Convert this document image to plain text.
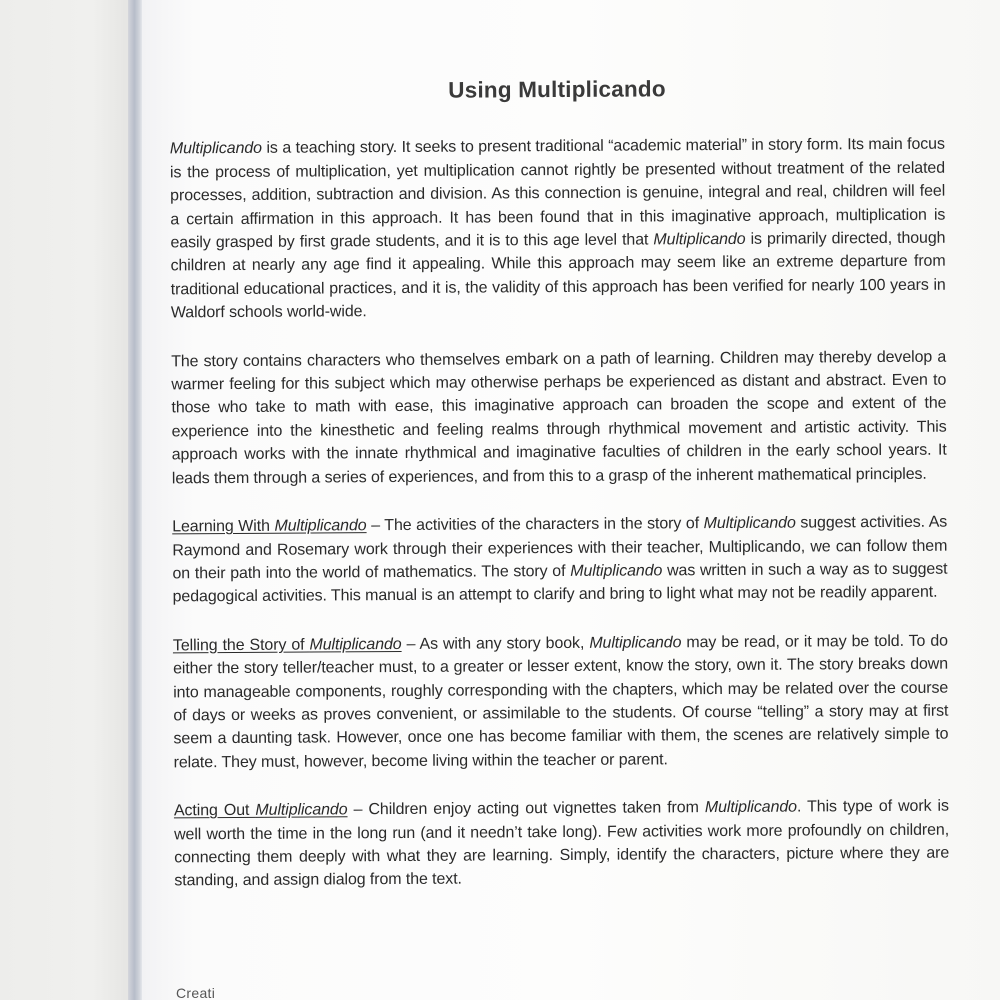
Using Multiplicando

Multiplicando is a teaching story. It seeks to present traditional “academic material” in story form. Its main focus is the process of multiplication, yet multiplication cannot rightly be presented without treatment of the related processes, addition, subtraction and division. As this connection is genuine, integral and real, children will feel a certain affirmation in this approach. It has been found that in this imaginative approach, multiplication is easily grasped by first grade students, and it is to this age level that Multiplicando is primarily directed, though children at nearly any age find it appealing. While this approach may seem like an extreme departure from traditional educational practices, and it is, the validity of this approach has been verified for nearly 100 years in Waldorf schools world-wide.

The story contains characters who themselves embark on a path of learning. Children may thereby develop a warmer feeling for this subject which may otherwise perhaps be experienced as distant and abstract. Even to those who take to math with ease, this imaginative approach can broaden the scope and extent of the experience into the kinesthetic and feeling realms through rhythmical movement and artistic activity. This approach works with the innate rhythmical and imaginative faculties of children in the early school years. It leads them through a series of experiences, and from this to a grasp of the inherent mathematical principles.

Learning With Multiplicando – The activities of the characters in the story of Multiplicando suggest activities. As Raymond and Rosemary work through their experiences with their teacher, Multiplicando, we can follow them on their path into the world of mathematics. The story of Multiplicando was written in such a way as to suggest pedagogical activities. This manual is an attempt to clarify and bring to light what may not be readily apparent.

Telling the Story of Multiplicando – As with any story book, Multiplicando may be read, or it may be told. To do either the story teller/teacher must, to a greater or lesser extent, know the story, own it. The story breaks down into manageable components, roughly corresponding with the chapters, which may be related over the course of days or weeks as proves convenient, or assimilable to the students. Of course “telling” a story may at first seem a daunting task. However, once one has become familiar with them, the scenes are relatively simple to relate. They must, however, become living within the teacher or parent.

Acting Out Multiplicando – Children enjoy acting out vignettes taken from Multiplicando. This type of work is well worth the time in the long run (and it needn’t take long). Few activities work more profoundly on children, connecting them deeply with what they are learning. Simply, identify the characters, picture where they are standing, and assign dialog from the text.

Creati
